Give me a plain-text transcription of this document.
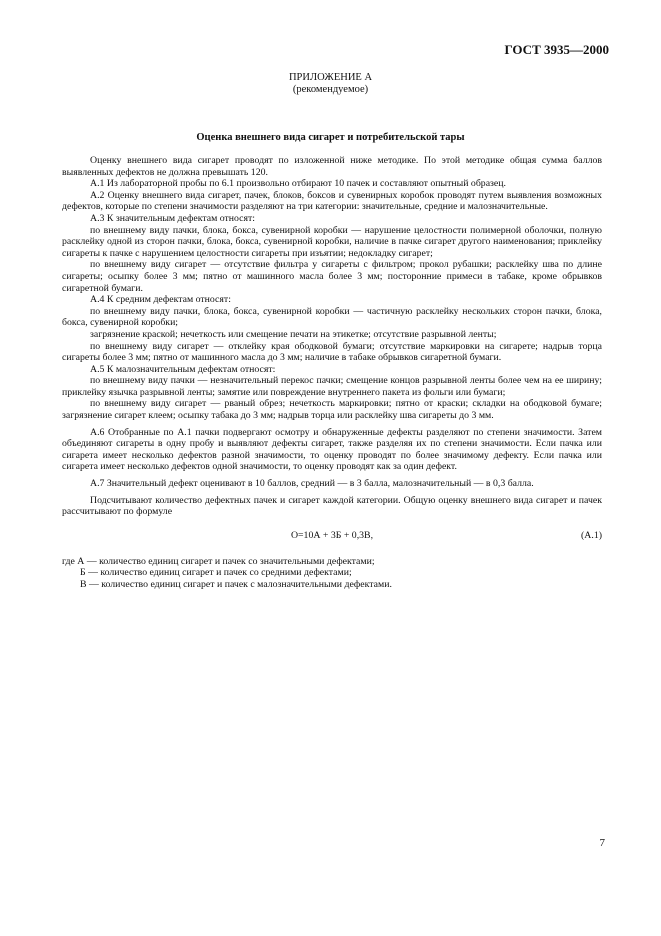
ГОСТ 3935—2000
ПРИЛОЖЕНИЕ А
(рекомендуемое)
Оценка внешнего вида сигарет и потребительской тары

Оценку внешнего вида сигарет проводят по изложенной ниже методике. По этой методике общая сумма баллов выявленных дефектов не должна превышать 120.

А.1 Из лабораторной пробы по 6.1 произвольно отбирают 10 пачек и составляют опытный образец.

А.2 Оценку внешнего вида сигарет, пачек, блоков, боксов и сувенирных коробок проводят путем выявления возможных дефектов, которые по степени значимости разделяют на три категории: значительные, средние и малозначительные.

А.3 К значительным дефектам относят:

по внешнему виду пачки, блока, бокса, сувенирной коробки — нарушение целостности полимерной оболочки, полную расклейку одной из сторон пачки, блока, бокса, сувенирной коробки, наличие в пачке сигарет другого наименования; приклейку сигареты к пачке с нарушением целостности сигареты при изъятии; недокладку сигарет;

по внешнему виду сигарет — отсутствие фильтра у сигареты с фильтром; прокол рубашки; расклейку шва по длине сигареты; осыпку более 3 мм; пятно от машинного масла более 3 мм; посторонние примеси в табаке, кроме обрывков сигаретной бумаги.

А.4 К средним дефектам относят:

по внешнему виду пачки, блока, бокса, сувенирной коробки — частичную расклейку нескольких сторон пачки, блока, бокса, сувенирной коробки;

загрязнение краской; нечеткость или смещение печати на этикетке; отсутствие разрывной ленты;

по внешнему виду сигарет — отклейку края ободковой бумаги; отсутствие маркировки на сигарете; надрыв торца сигареты более 3 мм; пятно от машинного масла до 3 мм; наличие в табаке обрывков сигаретной бумаги.

А.5 К малозначительным дефектам относят:

по внешнему виду пачки — незначительный перекос пачки; смещение концов разрывной ленты более чем на ее ширину; приклейку язычка разрывной ленты; замятие или повреждение внутреннего пакета из фольги или бумаги;

по внешнему виду сигарет — рваный обрез; нечеткость маркировки; пятно от краски; складки на ободковой бумаге; загрязнение сигарет клеем; осыпку табака до 3 мм; надрыв торца или расклейку шва сигареты до 3 мм.

А.6 Отобранные по А.1 пачки подвергают осмотру и обнаруженные дефекты разделяют по степени значимости. Затем объединяют сигареты в одну пробу и выявляют дефекты сигарет, также разделяя их по степени значимости. Если пачка или сигарета имеет несколько дефектов разной значимости, то оценку проводят по более значимому дефекту. Если пачка или сигарета имеет несколько дефектов одной значимости, то оценку проводят как за один дефект.

А.7 Значительный дефект оценивают в 10 баллов, средний — в 3 балла, малозначительный — в 0,3 балла.

Подсчитывают количество дефектных пачек и сигарет каждой категории. Общую оценку внешнего вида сигарет и пачек рассчитывают по формуле

О=10А + 3Б + 0,3В,	(А.1)
где А — количество единиц сигарет и пачек со значительными дефектами;
Б — количество единиц сигарет и пачек со средними дефектами;
В — количество единиц сигарет и пачек с малозначительными дефектами.
7
